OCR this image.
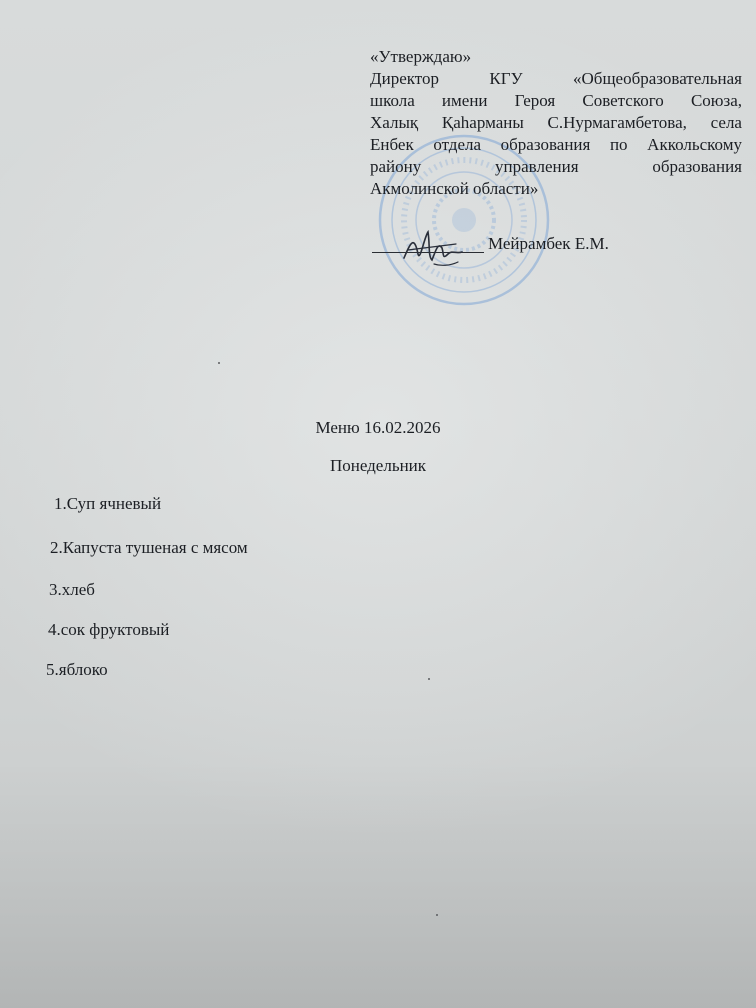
«Утверждаю»
Директор	КГУ	«Общеобразовательная
школа имени Героя Советского Союза,
Халық Қаһарманы С.Нурмагамбетова, села
Енбек отдела образования по Аккольскому
району	управления	образования
Акмолинской области»
Мейрамбек Е.М.
Меню 16.02.2026
Понедельник
1.Суп ячневый
2.Капуста тушеная с мясом
3.хлеб
4.сок фруктовый
5.яблоко
